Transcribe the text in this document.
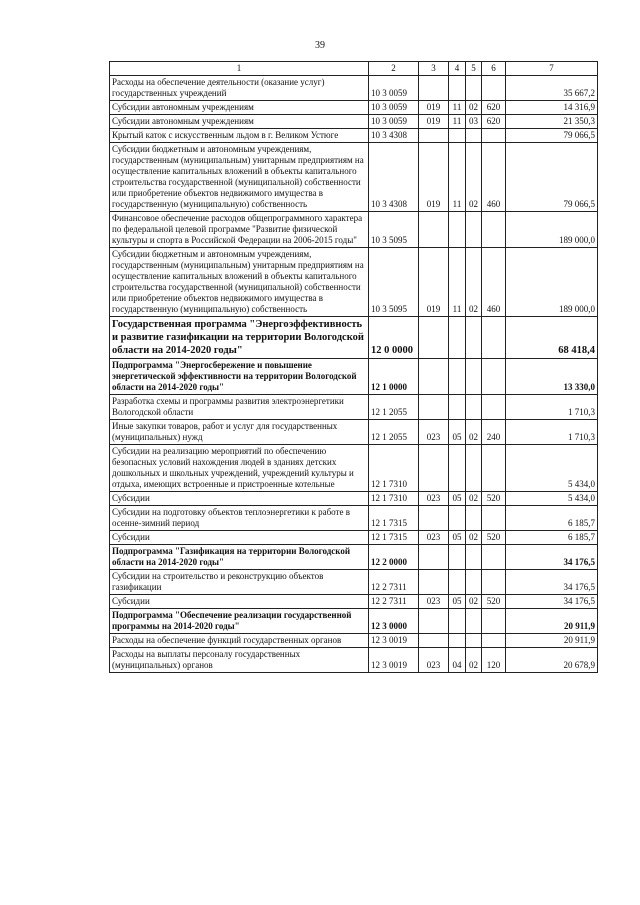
39
1	2	3	4	5	6	7
Расходы на обеспечение деятельности (оказание услуг) государственных учреждений	10 3 0059					35 667,2
Субсидии автономным учреждениям	10 3 0059	019	11	02	620	14 316,9
Субсидии автономным учреждениям	10 3 0059	019	11	03	620	21 350,3
Крытый каток с искусственным льдом в г. Великом Устюге	10 3 4308					79 066,5
Субсидии бюджетным и автономным учреждениям, государственным (муниципальным) унитарным предприятиям на осуществление капитальных вложений в объекты капитального строительства государственной (муниципальной) собственности или приобретение объектов недвижимого имущества в государственную (муниципальную) собственность	10 3 4308	019	11	02	460	79 066,5
Финансовое обеспечение расходов общепрограммного характера по федеральной целевой программе "Развитие физической культуры и спорта в Российской Федерации на 2006-2015 годы"	10 3 5095					189 000,0
Субсидии бюджетным и автономным учреждениям, государственным (муниципальным) унитарным предприятиям на осуществление капитальных вложений в объекты капитального строительства государственной (муниципальной) собственности или приобретение объектов недвижимого имущества в государственную (муниципальную) собственность	10 3 5095	019	11	02	460	189 000,0
Государственная программа "Энергоэффективность и развитие газификации на территории Вологодской области на 2014-2020 годы"	12 0 0000					68 418,4
Подпрограмма "Энергосбережение и повышение энергетической эффективности на территории Вологодской области на 2014-2020 годы"	12 1 0000					13 330,0
Разработка схемы и программы развития электроэнергетики Вологодской области	12 1 2055					1 710,3
Иные закупки товаров, работ и услуг для государственных (муниципальных) нужд	12 1 2055	023	05	02	240	1 710,3
Субсидии на реализацию мероприятий по обеспечению безопасных условий нахождения людей в зданиях детских дошкольных и школьных учреждений, учреждений культуры и отдыха, имеющих встроенные и пристроенные котельные	12 1 7310					5 434,0
Субсидии	12 1 7310	023	05	02	520	5 434,0
Субсидии на подготовку объектов теплоэнергетики к работе в осенне-зимний период	12 1 7315					6 185,7
Субсидии	12 1 7315	023	05	02	520	6 185,7
Подпрограмма "Газификация на территории Вологодской области на 2014-2020 годы"	12 2 0000					34 176,5
Субсидии на строительство и реконструкцию объектов газификации	12 2 7311					34 176,5
Субсидии	12 2 7311	023	05	02	520	34 176,5
Подпрограмма "Обеспечение реализации государственной программы на 2014-2020 годы"	12 3 0000					20 911,9
Расходы на обеспечение функций государственных органов	12 3 0019					20 911,9
Расходы на выплаты персоналу государственных (муниципальных) органов	12 3 0019	023	04	02	120	20 678,9
